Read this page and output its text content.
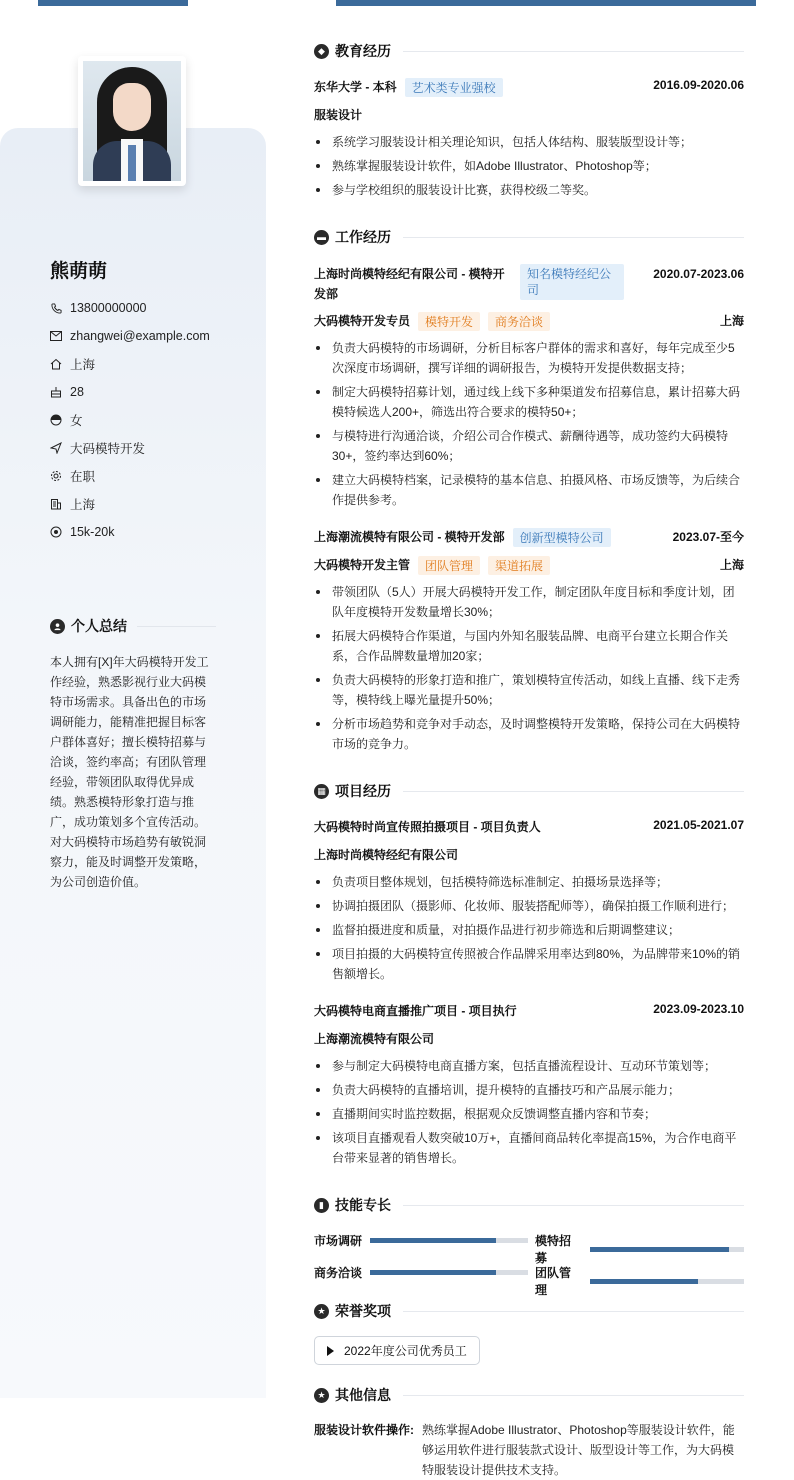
熊萌萌
13800000000
zhangwei@example.com
上海
28
女
大码模特开发
在职
上海
15k-20k
个人总结
本人拥有[X]年大码模特开发工作经验，熟悉影视行业大码模特市场需求。具备出色的市场调研能力，能精准把握目标客户群体喜好；擅长模特招募与洽谈，签约率高；有团队管理经验，带领团队取得优异成绩。熟悉模特形象打造与推广，成功策划多个宣传活动。对大码模特市场趋势有敏锐洞察力，能及时调整开发策略，为公司创造价值。
◆ 教育经历
东华大学 - 本科	艺术类专业强校	2016.09-2020.06
服装设计
系统学习服装设计相关理论知识，包括人体结构、服装版型设计等；
熟练掌握服装设计软件，如Adobe Illustrator、Photoshop等；
参与学校组织的服装设计比赛，获得校级二等奖。
▬ 工作经历
上海时尚模特经纪有限公司 - 模特开
发部
知名模特经纪公
司
2020.07-2023.06
大码模特开发专员	模特开发	商务洽谈	上海
负责大码模特的市场调研，分析目标客户群体的需求和喜好，每年完成至少5次深度市场调研，撰写详细的调研报告，为模特开发提供数据支持；
制定大码模特招募计划，通过线上线下多种渠道发布招募信息，累计招募大码模特候选人200+，筛选出符合要求的模特50+；
与模特进行沟通洽谈，介绍公司合作模式、薪酬待遇等，成功签约大码模特30+，签约率达到60%；
建立大码模特档案，记录模特的基本信息、拍摄风格、市场反馈等，为后续合作提供参考。
上海潮流模特有限公司 - 模特开发部	创新型模特公司	2023.07-至今
大码模特开发主管	团队管理	渠道拓展	上海
带领团队（5人）开展大码模特开发工作，制定团队年度目标和季度计划，团队年度模特开发数量增长30%；
拓展大码模特合作渠道，与国内外知名服装品牌、电商平台建立长期合作关系，合作品牌数量增加20家；
负责大码模特的形象打造和推广，策划模特宣传活动，如线上直播、线下走秀等，模特线上曝光量提升50%；
分析市场趋势和竞争对手动态，及时调整模特开发策略，保持公司在大码模特市场的竞争力。
▦ 项目经历
大码模特时尚宣传照拍摄项目 - 项目负责人	2021.05-2021.07
上海时尚模特经纪有限公司
负责项目整体规划，包括模特筛选标准制定、拍摄场景选择等；
协调拍摄团队（摄影师、化妆师、服装搭配师等），确保拍摄工作顺利进行；
监督拍摄进度和质量，对拍摄作品进行初步筛选和后期调整建议；
项目拍摄的大码模特宣传照被合作品牌采用率达到80%，为品牌带来10%的销售额增长。
大码模特电商直播推广项目 - 项目执行	2023.09-2023.10
上海潮流模特有限公司
参与制定大码模特电商直播方案，包括直播流程设计、互动环节策划等；
负责大码模特的直播培训，提升模特的直播技巧和产品展示能力；
直播期间实时监控数据，根据观众反馈调整直播内容和节奏；
该项目直播观看人数突破10万+，直播间商品转化率提高15%，为合作电商平台带来显著的销售增长。
▮ 技能专长
市场调研	模特招募
商务洽谈	团队管理
★ 荣誉奖项
2022年度公司优秀员工
★ 其他信息
服装设计软件操作: 熟练掌握Adobe Illustrator、Photoshop等服装设计软件，能够运用软件进行服装款式设计、版型设计等工作，为大码模特服装设计提供技术支持。
